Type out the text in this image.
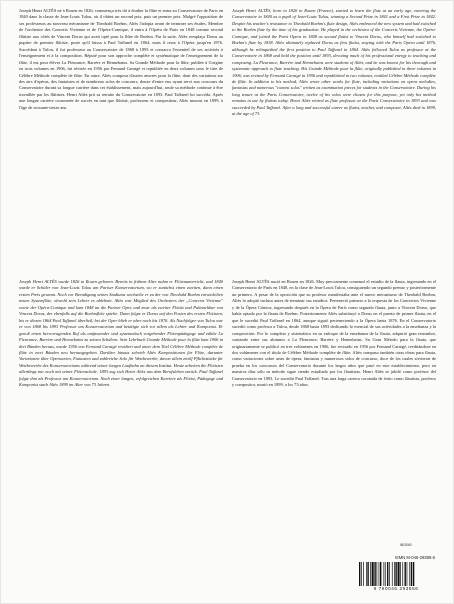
Joseph Henri ALTÈS né à Rouen en 1826, commença très tôt à étudier la flûte et entra au Conservatoire de Paris en 1840 dans la classe de Jean-Louis Tulou, où il obtint un second prix, puis un premier prix. Malgré l'opposition de ses professeurs au nouveau mécanisme de Theobald Boehm, Altès l'adopta avant de terminer ses études. Membre de l'orchestre des Concerts Vivienne et de l'Opéra-Comique, il entra à l'Opéra de Paris en 1848 comme second flûtiste aux côtés de Vincent Dorus qui avait opté pour la flûte de Boehm. Par la suite, Altès remplaça Dorus au pupitre de premier flûtiste, poste qu'il laissa à Paul Taffanel en 1864, mais il resta à l'Opéra jusqu'en 1876. Succédant à Tulou, il fut professeur au Conservatoire de 1868 à 1893 et consacra l'essentiel de ses activités à l'enseignement et à la composition. Réputé pour son approche complète et systématique de l'enseignement de la flûte, il eut pour élèves La Fleurance, Barrère et Hennebains. Sa Grande Méthode pour la flûte, publiée à l'origine en trois volumes en 1906, fut révisée en 1956 par Fernand Caratgé et republiée en deux volumes sous le titre de Célèbre Méthode complète de flûte. En outre, Altès composa d'autres œuvres pour la flûte, dont des variations sur des airs d'opéras, des fantaisies et de nombreux solos de concours, douze d'entre eux ayant servi aux concours du Conservatoire durant sa longue carrière dans cet établissement, mais aujourd'hui, seule sa méthode continue à être travaillée par les flûtistes. Henri Altès prit sa retraite du Conservatoire en 1893. Paul Taffanel lui succéda. Après une longue carrière couronnée de succès en tant que flûtiste, professeur et compositeur, Altès mourut en 1899, à l'âge de soixante-treize ans.
Joseph Henri ALTÈS, born in 1826 in Rouen (France), started to learn the flute at an early age, entering the Conservatoire in 1840 as a pupil of Jean-Louis Tulou, winning a Second Prize in 1841 and a First Prize in 1842. Despite his teacher's resistance to Theobald Boehm's flute design, Altès embraced the new system and had switched to the Boehm flute by the time of his graduation. He played in the orchestra of the Concerts Vivienne, the Opéra-Comique, and joined the Paris Opera in 1848 as second flutist to Vincent Dorus, who himself had switched to Boehm's flute by 1838. Altès ultimately replaced Dorus as first flutist, staying with the Paris Opera until 1876, although he relinquished the first position to Paul Taffanel in 1864. Altès followed Tulou as professor at the Conservatoire in 1868 and held the position until 1893, devoting much of his professional energy to teaching and composing. La Fleurance, Barrère and Hennebains were students of Altès, and he was known for his thorough and systematic approach to flute teaching. His Grande Méthode pour la flûte, originally published in three volumes in 1906, was revised by Fernand Caratgé in 1956 and republished in two volumes, entitled Célèbre Méthode complète de flûte. In addition to his method, Altès wrote other works for flute, including variations on opera melodies, fantasias and numerous "contest solos" written as examination pieces for students in the Conservatoire. During his long tenure at the Paris Conservatoire, twelve of his solos were chosen for this purpose, yet only his method remains in use by flutists today. Henri Altès retired as flute professor at the Paris Conservatoire in 1893 and was succeeded by Paul Taffanel. After a long and successful career as flutist, teacher, and composer, Altès died in 1899, at the age of 73.
Joseph Henri ALTÈS wurde 1826 in Rouen geboren. Bereits in frühem Alter nahm er Flötenunterricht, und 1840 wurde er Schüler von Jean-Louis Tulou am Pariser Konservatorium, wo er zunächst einen zweiten, dann einen ersten Preis gewann. Noch vor Beendigung seines Studiums wechselte er zu der von Theobald Boehm entwickelten neuen Systemflöte, obwohl sein Lehrer es ablehnte. Altès war Mitglied des Orchesters der „Concerts Vivienne" sowie der Opéra-Comique und kam 1848 an die Pariser Oper, und zwar als zweiter Flötist und Pultnachbar von Vincent Dorus, der ebenfalls auf die Boehmflöte spielte. Dann folgte er Dorus auf den Posten des ersten Flötisten, bis er diesen 1864 Paul Taffanel überließ, bei der Oper blieb er aber noch bis 1876. Als Nachfolger von Tulou war er von 1868 bis 1893 Professor am Konservatorium und betätigte sich vor allem als Lehrer und Komponist. Er genoß einen hervorragenden Ruf als umfassender und systematisch vorgehender Flötenpädagoge und zählte La Fleurance, Barrère und Hennebains zu seinen Schülern. Sein Lehrbuch Grande Méthode pour la flûte kam 1906 in drei Bänden heraus, wurde 1956 von Fernand Caratgé revidiert und unter dem Titel Célèbre Méthode complète de flûte in zwei Bänden neu herausgegeben. Darüber hinaus schrieb Altès Kompositionen für Flöte, darunter Variationen über Opernarien, Fantasien und zahlreiche Solo für Wettbewerbe, davon allein zwölf Pflichtstücke für Wettbewerbe des Konservatoriums während seiner langen Laufbahn an diesem Institut. Heute arbeiten die Flötisten allerdings nur noch mit seiner Flötenschule. 1893 zog sich Henri Altès aus dem Berufsleben zurück. Paul Taffanel folgte ihm als Professor am Konservatorium. Nach einer langen, erfolgreichen Karriere als Flötist, Pädagoge und Komponist starb Altès 1899 im Alter von 73 Jahren.
Joseph Henri ALTÈS nació en Rouen en 1826. Muy precozmente comenzó el estudio de la flauta, ingresando en el Conservatorio de París en 1840, en la clase de Jean-Louis Tulou, consiguiendo un segundo premio y posteriormente un primero. A pesar de la oposición que su profesor manifestaba ante el nuevo mecanismo de Theobald Boehm, Altès lo adoptó incluso antes de terminar sus estudios. Perteneció primero a la orquesta de los Conciertos Vivienne y de la Ópera Cómica, ingresando después en la Ópera de París como segundo flauta, junto a Vincent Dorus, que había optado por la flauta de Boehm. Posteriormente Altès substituyó a Dorus en el puesto de primer flauta, en el que le sucedió Paul Taffanel en 1864, aunque siguió perteneciendo a la Ópera hasta 1876. En el Conservatorio sucedió como profesor a Tulou, desde 1868 hasta 1893 dedicando lo esencial de sus actividades a la enseñanza y la composición. Por lo completo y sistemático en su enfoque de la enseñanza de la flauta, adquirió gran renombre, contando entre sus alumnos a La Fleurance, Barrère y Hennebains. Su Gran Método para la flauta, que originariamente se publicó en tres volúmenes en 1906, fue revisado en 1956 por Fernand Caratgé, reeditándose en dos volúmenes con el título de Célèbre Méthode complète de flûte. Altès compuso también otras obras para flauta, como variaciones sobre arias de ópera, fantasías y numerosos solos de concurso, doce de los cuales sirvieron de prueba en los concursos del Conservatorio durante los largos años que pasó en este establecimiento, pero en nuestros días sólo su método sigue siendo estudiado por los flautistas. Henri Altès se jubiló como profesor del Conservatorio en 1893. Le sucedió Paul Taffanel. Tras una larga carrera coronada de éxito como flautista, profesor y compositor, murió en 1899, a los 73 años.
IB/3060
ISMN M-046-29385-6
9 790046 293856
